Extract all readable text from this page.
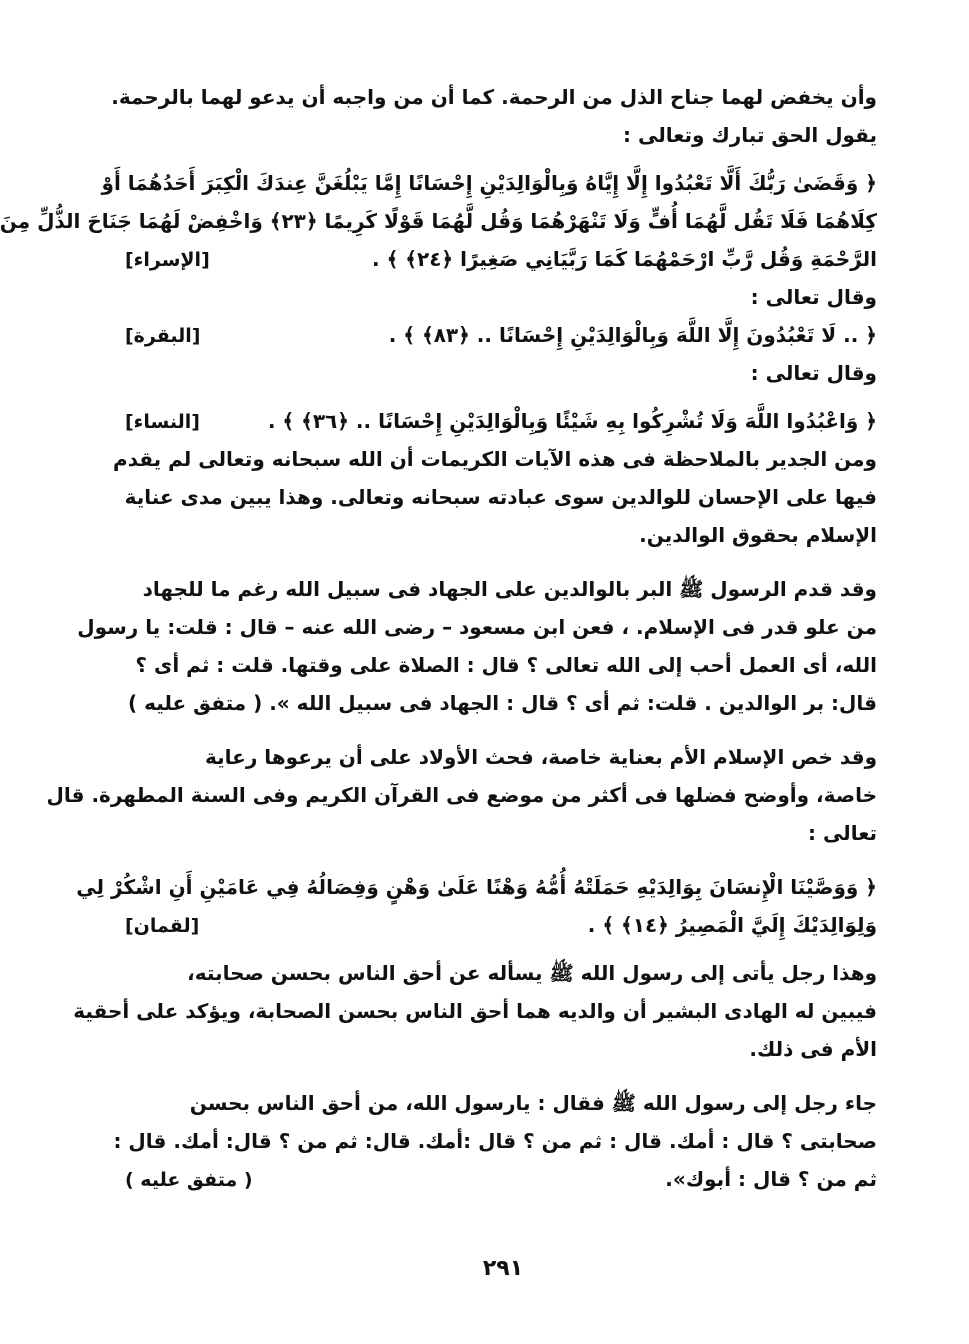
وأن يخفض لهما جناح الذل من الرحمة. كما أن من واجبه أن يدعو لهما بالرحمة.
يقول الحق تبارك وتعالى :
﴿ وَقَضَىٰ رَبُّكَ أَلَّا تَعْبُدُوا إِلَّا إِيَّاهُ وَبِالْوَالِدَيْنِ إِحْسَانًا إِمَّا يَبْلُغَنَّ عِندَكَ الْكِبَرَ أَحَدُهُمَا أَوْ
كِلَاهُمَا فَلَا تَقُل لَّهُمَا أُفٍّ وَلَا تَنْهَرْهُمَا وَقُل لَّهُمَا قَوْلًا كَرِيمًا ﴿٢٣﴾ وَاخْفِضْ لَهُمَا جَنَاحَ الذُّلِّ مِنَ
الرَّحْمَةِ وَقُل رَّبِّ ارْحَمْهُمَا كَمَا رَبَّيَانِي صَغِيرًا ﴿٢٤﴾ ﴾ .
[الإسراء]
وقال تعالى :
﴿ .. لَا تَعْبُدُونَ إِلَّا اللَّهَ وَبِالْوَالِدَيْنِ إِحْسَانًا .. ﴿٨٣﴾ ﴾ .
[البقرة]
وقال تعالى :
﴿ وَاعْبُدُوا اللَّهَ وَلَا تُشْرِكُوا بِهِ شَيْئًا وَبِالْوَالِدَيْنِ إِحْسَانًا .. ﴿٣٦﴾ ﴾ .
[النساء]
ومن الجدير بالملاحظة فى هذه الآيات الكريمات أن الله سبحانه وتعالى لم يقدم
فيها على الإحسان للوالدين سوى عبادته سبحانه وتعالى. وهذا يبين مدى عناية
الإسلام بحقوق الوالدين.
وقد قدم الرسول ﷺ البر بالوالدين على الجهاد فى سبيل الله رغم ما للجهاد
من علو قدر فى الإسلام. ، فعن ابن مسعود – رضى الله عنه – قال : قلت: يا رسول
الله، أى العمل أحب إلى الله تعالى ؟ قال : الصلاة على وقتها. قلت : ثم أى ؟
قال: بر الوالدين . قلت: ثم أى ؟ قال : الجهاد فى سبيل الله ». ( متفق عليه )
وقد خص الإسلام الأم بعناية خاصة، فحث الأولاد على أن يرعوها رعاية
خاصة، وأوضح فضلها فى أكثر من موضع فى القرآن الكريم وفى السنة المطهرة. قال
تعالى :
﴿ وَوَصَّيْنَا الْإِنسَانَ بِوَالِدَيْهِ حَمَلَتْهُ أُمُّهُ وَهْنًا عَلَىٰ وَهْنٍ وَفِصَالُهُ فِي عَامَيْنِ أَنِ اشْكُرْ لِي
وَلِوَالِدَيْكَ إِلَيَّ الْمَصِيرُ ﴿١٤﴾ ﴾ .
[لقمان]
وهذا رجل يأتى إلى رسول الله ﷺ يسأله عن أحق الناس بحسن صحابته،
فيبين له الهادى البشير أن والديه هما أحق الناس بحسن الصحابة، ويؤكد على أحقية
الأم فى ذلك.
جاء رجل إلى رسول الله ﷺ فقال : يارسول الله، من أحق الناس بحسن
صحابتى ؟ قال : أمك. قال : ثم من ؟ قال :أمك. قال: ثم من ؟ قال: أمك. قال :
ثم من ؟ قال : أبوك».
( متفق عليه )
٢٩١
